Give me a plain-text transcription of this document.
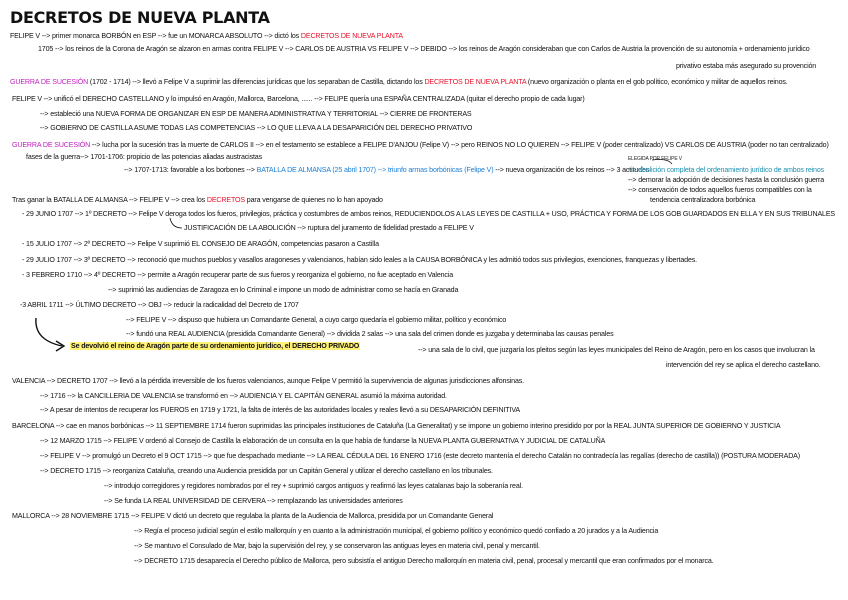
DECRETOS DE NUEVA PLANTA
FELIPE V --> primer monarca BORBÓN en ESP --> fue un MONARCA ABSOLUTO --> dictó los DECRETOS DE NUEVA PLANTA
1705 --> los reinos de la Corona de Aragón se alzaron en armas contra FELIPE V --> CARLOS DE AUSTRIA VS FELIPE V --> DEBIDO --> los reinos de Aragón consideraban que con Carlos de Austria la provención de su autonomía + ordenamiento jurídico
privativo estaba más asegurado su provención
GUERRA DE SUCESIÓN (1702 - 1714) --> llevó a Felipe V a suprimir las diferencias jurídicas que los separaban de Castilla, dictando los DECRETOS DE NUEVA PLANTA (nuevo organización o planta en el gob político, económico y militar de aquellos reinos.
FELIPE V --> unificó el DERECHO CASTELLANO y lo impulsó en Aragón, Mallorca, Barcelona, ...... --> FELIPE quería una ESPAÑA CENTRALIZADA (quitar el derecho propio de cada lugar)
--> estableció una NUEVA FORMA DE ORGANIZAR EN ESP DE MANERA ADMINISTRATIVA Y TERRITORIAL --> CIERRE DE FRONTERAS
--> GOBIERNO DE CASTILLA ASUME TODAS LAS COMPETENCIAS --> LO QUE LLEVA A LA DESAPARICIÓN DEL DERECHO PRIVATIVO
GUERRA DE SUCESIÓN --> lucha por la sucesión tras la muerte de CARLOS II --> en el testamento se establece a FELIPE D'ANJOU (Felipe V) --> pero REINOS NO LO QUIEREN --> FELIPE V (poder centralizado) VS CARLOS DE AUSTRIA (poder no tan centralizado)
fases de la guerra--> 1701-1706: propicio de las potencias aliadas austracistas
--> 1707-1713: favorable a los borbones --> BATALLA DE ALMANSA (25 abril 1707) --> triunfo armas borbónicas (Felipe V) --> nueva organización de los reinos --> 3 actitudes
ELEGIDA POR FELIPE V
--> abolición completa del ordenamiento jurídico de ambos reinos
--> demorar la adopción de decisiones hasta la conclusión guerra
--> conservación de todos aquellos fueros compatibles con la
tendencia centralizadora borbónica
Tras ganar la BATALLA DE ALMANSA --> FELIPE V --> crea los DECRETOS para vengarse de quienes no lo han apoyado
- 29 JUNIO 1707 --> 1º DECRETO --> Felipe V deroga todos los fueros, privilegios, práctica y costumbres de ambos reinos, REDUCIENDOLOS A LAS LEYES DE CASTILLA + USO, PRÁCTICA Y FORMA DE LOS GOB GUARDADOS EN ELLA Y EN SUS TRIBUNALES
JUSTIFICACIÓN DE LA ABOLICIÓN --> ruptura del juramento de fidelidad prestado a FELIPE V
- 15 JULIO 1707 --> 2º DECRETO --> Felipe V suprimió EL CONSEJO DE ARAGÓN, competencias pasaron a Castilla
- 29 JULIO 1707 --> 3º DECRETO --> reconoció que muchos pueblos y vasallos aragoneses y valencianos, habían sido leales a la CAUSA BORBÓNICA y les admitió todos sus privilegios, exenciones, franquezas y libertades.
- 3 FEBRERO 1710 --> 4º DECRETO --> permite a Aragón recuperar parte de sus fueros y reorganiza el gobierno, no fue aceptado en Valencia
--> suprimió las audiencias de Zaragoza en lo Criminal e impone un modo de administrar como se hacía en Granada
-3 ABRIL 1711 --> ÚLTIMO DECRETO --> OBJ --> reducir la radicalidad del Decreto de 1707
--> FELIPE V --> dispuso que hubiera un Comandante General, a cuyo cargo quedaría el gobierno militar, político y económico
--> fundó una REAL AUDIENCIA (presidida Comandante General) --> dividida 2 salas --> una sala del crimen donde es juzgaba y determinaba las causas penales
Se devolvió el reino de Aragón parte de su ordenamiento jurídico, el DERECHO PRIVADO	--> una sala de lo civil, que juzgaría los pleitos según las leyes municipales del Reino de Aragón, pero en los casos que involucran la
intervención del rey se aplica el derecho castellano.
VALENCIA --> DECRETO 1707 --> llevó a la pérdida irreversible de los fueros valencianos, aunque Felipe V permitió la supervivencia de algunas jurisdicciones alfonsinas.
--> 1716 --> la CANCILLERIA DE VALENCIA se transformó en --> AUDIENCIA Y EL CAPITÁN GENERAL asumió la máxima autoridad.
--> A pesar de intentos de recuperar los FUEROS en 1719 y 1721, la falta de interés de las autoridades locales y reales llevó a su DESAPARICIÓN DEFINITIVA
BARCELONA --> cae en manos borbónicas --> 11 SEPTIEMBRE 1714 fueron suprimidas las principales instituciones de Cataluña (La Generalitat) y se impone un gobierno interino presidido por por la REAL JUNTA SUPERIOR DE GOBIERNO Y JUSTICIA
--> 12 MARZO 1715 --> FELIPE V ordenó al Consejo de Castilla la elaboración de un consulta en la que había de fundarse la NUEVA PLANTA GUBERNATIVA Y JUDICIAL DE CATALUÑA
--> FELIPE V --> promulgó un Decreto el 9 OCT 1715 --> que fue despachado mediante --> LA REAL CÉDULA DEL 16 ENERO 1716 (este decreto mantenía el derecho Catalán no contradecía las regalías (derecho de castilla)) (POSTURA MODERADA)
--> DECRETO 1715 --> reorganiza Cataluña, creando una Audiencia presidida por un Capitán General y utilizar el derecho castellano en los tribunales.
--> introdujo corregidores y regidores nombrados por el rey + suprimió cargos antiguos y reafirmó las leyes catalanas bajo la soberanía real.
--> Se funda LA REAL UNIVERSIDAD DE CERVERA --> remplazando las universidades anteriores
MALLORCA --> 28 NOVIEMBRE 1715 --> FELIPE V dictó un decreto que regulaba la planta de la Audiencia de Mallorca, presidida por un Comandante General
--> Regía el proceso judicial según el estilo mallorquín y en cuanto a la administración municipal, el gobierno político y económico quedó confiado a 20 jurados y a la Audiencia
--> Se mantuvo el Consulado de Mar, bajo la supervisión del rey, y se conservaron las antiguas leyes en materia civil, penal y mercantil.
--> DECRETO 1715 desaparecía el Derecho público de Mallorca, pero subsistía el antiguo Derecho mallorquín en materia civil, penal, procesal y mercantil que eran confirmados por el monarca.
